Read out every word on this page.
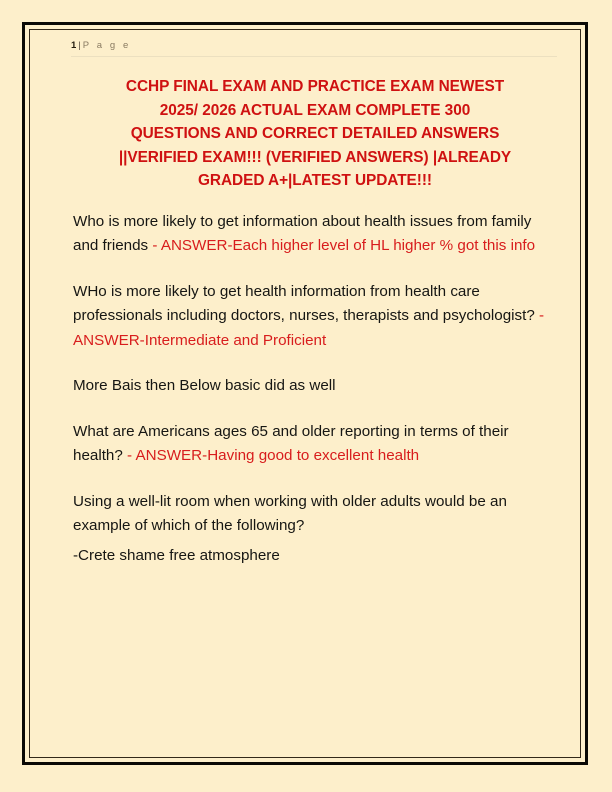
1 | P a g e
CCHP FINAL EXAM AND PRACTICE EXAM NEWEST
2025/ 2026 ACTUAL EXAM COMPLETE 300
QUESTIONS AND CORRECT DETAILED ANSWERS
||VERIFIED EXAM!!! (VERIFIED ANSWERS) |ALREADY
GRADED A+|LATEST UPDATE!!!

Who is more likely to get information about health issues from family and friends - ANSWER-Each higher level of HL higher % got this info

WHo is more likely to get health information from health care professionals including doctors, nurses, therapists and psychologist? - ANSWER-Intermediate and Proficient

More Bais then Below basic did as well

What are Americans ages 65 and older reporting in terms of their health? - ANSWER-Having good to excellent health

Using a well-lit room when working with older adults would be an example of which of the following?
-Crete shame free atmosphere
